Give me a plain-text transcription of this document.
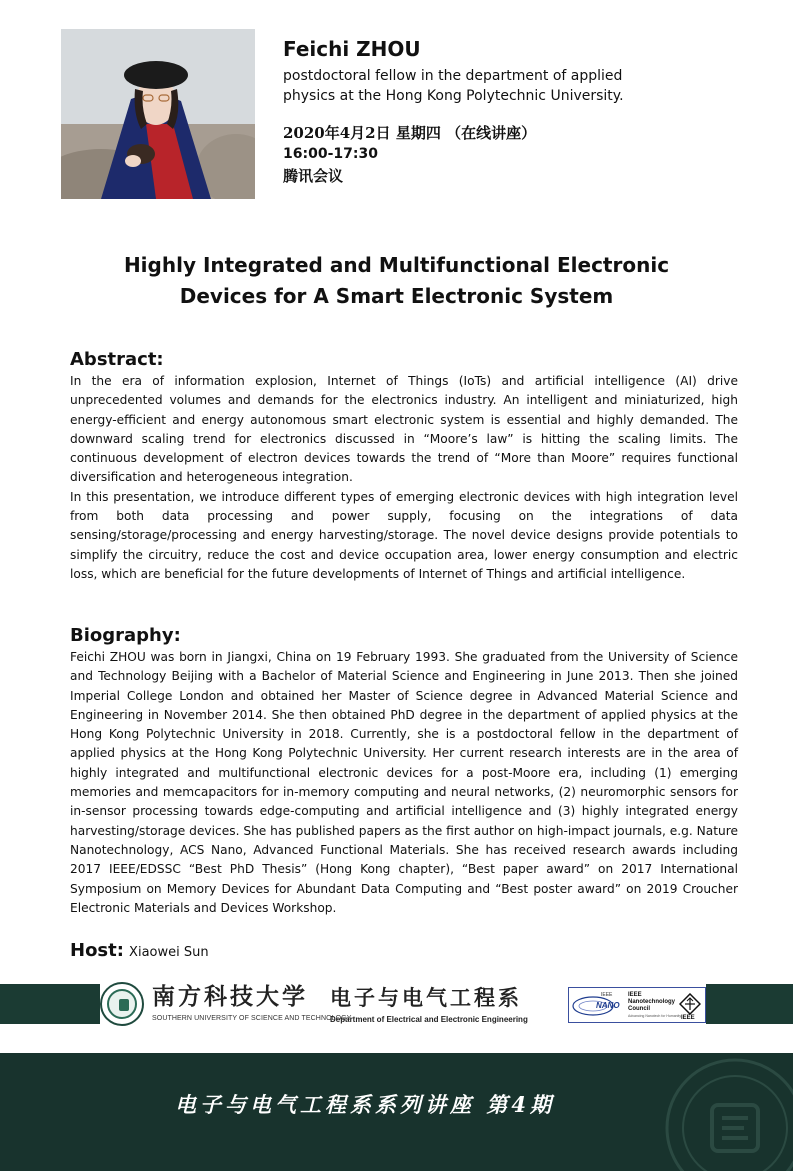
Feichi ZHOU
postdoctoral fellow in the department of applied
physics at the Hong Kong Polytechnic University.
2020年4月2日 星期四 （在线讲座）
16:00-17:30
腾讯会议
Highly Integrated and Multifunctional Electronic
Devices for A Smart Electronic System
Abstract:

In the era of information explosion, Internet of Things (IoTs) and artificial intelligence (AI) drive unprecedented volumes and demands for the electronics industry. An intelligent and miniaturized, high energy-efficient and energy autonomous smart electronic system is essential and highly demanded. The downward scaling trend for electronics discussed in “Moore’s law” is hitting the scaling limits. The continuous development of electron devices towards the trend of “More than Moore” requires functional diversification and heterogeneous integration.

In this presentation, we introduce different types of emerging electronic devices with high integration level from both data processing and power supply, focusing on the integrations of data sensing/storage/processing and energy harvesting/storage. The novel device designs provide potentials to simplify the circuitry, reduce the cost and device occupation area, lower energy consumption and electric loss, which are beneficial for the future developments of Internet of Things and artificial intelligence.

Biography:

Feichi ZHOU was born in Jiangxi, China on 19 February 1993. She graduated from the University of Science and Technology Beijing with a Bachelor of Material Science and Engineering in June 2013. Then she joined Imperial College London and obtained her Master of Science degree in Advanced Material Science and Engineering in November 2014. She then obtained PhD degree in the department of applied physics at the Hong Kong Polytechnic University in 2018. Currently, she is a postdoctoral fellow in the department of applied physics at the Hong Kong Polytechnic University. Her current research interests are in the area of highly integrated and multifunctional electronic devices for a post-Moore era, including (1) emerging memories and memcapacitors for in-memory computing and neural networks, (2) neuromorphic sensors for in-sensor processing towards edge-computing and artificial intelligence and (3) highly integrated energy harvesting/storage devices. She has published papers as the first author on high-impact journals, e.g. Nature Nanotechnology, ACS Nano, Advanced Functional Materials. She has received research awards including 2017 IEEE/EDSSC “Best PhD Thesis” (Hong Kong chapter), “Best paper award” on 2017 International Symposium on Memory Devices for Abundant Data Computing and “Best poster award” on 2019 Croucher Electronic Materials and Devices Workshop.

Host: Xiaowei Sun
南方科技大学
SOUTHERN UNIVERSITY OF SCIENCE AND TECHNOLOGY
电子与电气工程系
Department of Electrical and Electronic Engineering
IEEE
NANO
IEEE
Nanotechnology
Council
Advancing Nanotech for Humanity IEEE
电子与电气工程系系列讲座 第4期
